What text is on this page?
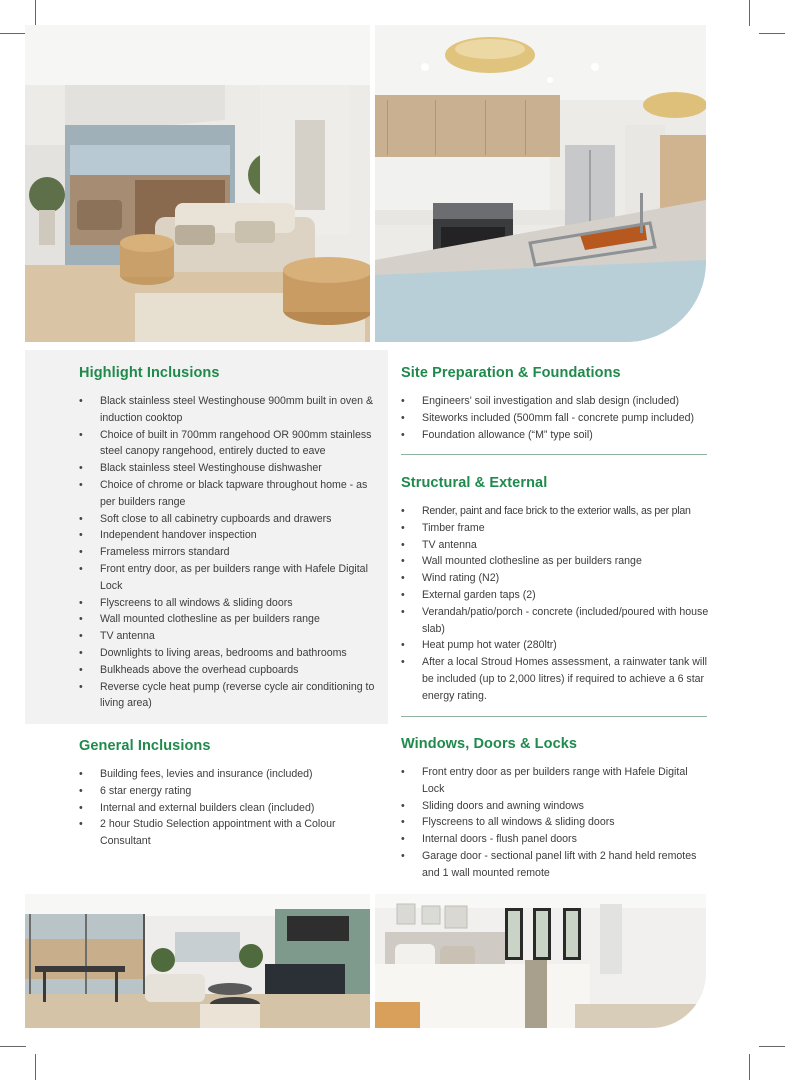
Highlight Inclusions
• Black stainless steel Westinghouse 900mm built in oven & induction cooktop
• Choice of built in 700mm rangehood OR 900mm stainless steel canopy rangehood, entirely ducted to eave
• Black stainless steel Westinghouse dishwasher
• Choice of chrome or black tapware throughout home - as per builders range
• Soft close to all cabinetry cupboards and drawers
• Independent handover inspection
• Frameless mirrors standard
• Front entry door, as per builders range with Hafele Digital Lock
• Flyscreens to all windows & sliding doors
• Wall mounted clothesline as per builders range
• TV antenna
• Downlights to living areas, bedrooms and bathrooms
• Bulkheads above the overhead cupboards
• Reverse cycle heat pump (reverse cycle air conditioning to living area)
Site Preparation & Foundations
• Engineers' soil investigation and slab design (included)
• Siteworks included (500mm fall - concrete pump included)
• Foundation allowance (“M” type soil)
Structural & External
• Render, paint and face brick to the exterior walls, as per plan
• Timber frame
• TV antenna
• Wall mounted clothesline as per builders range
• Wind rating (N2)
• External garden taps (2)
• Verandah/patio/porch - concrete (included/poured with house slab)
• Heat pump hot water (280ltr)
• After a local Stroud Homes assessment, a rainwater tank will be included (up to 2,000 litres) if required to achieve a 6 star energy rating.
General Inclusions
• Building fees, levies and insurance (included)
• 6 star energy rating
• Internal and external builders clean (included)
• 2 hour Studio Selection appointment with a Colour Consultant
Windows, Doors & Locks
• Front entry door as per builders range with Hafele Digital Lock
• Sliding doors and awning windows
• Flyscreens to all windows & sliding doors
• Internal doors - flush panel doors
• Garage door - sectional panel lift with 2 hand held remotes and 1 wall mounted remote
